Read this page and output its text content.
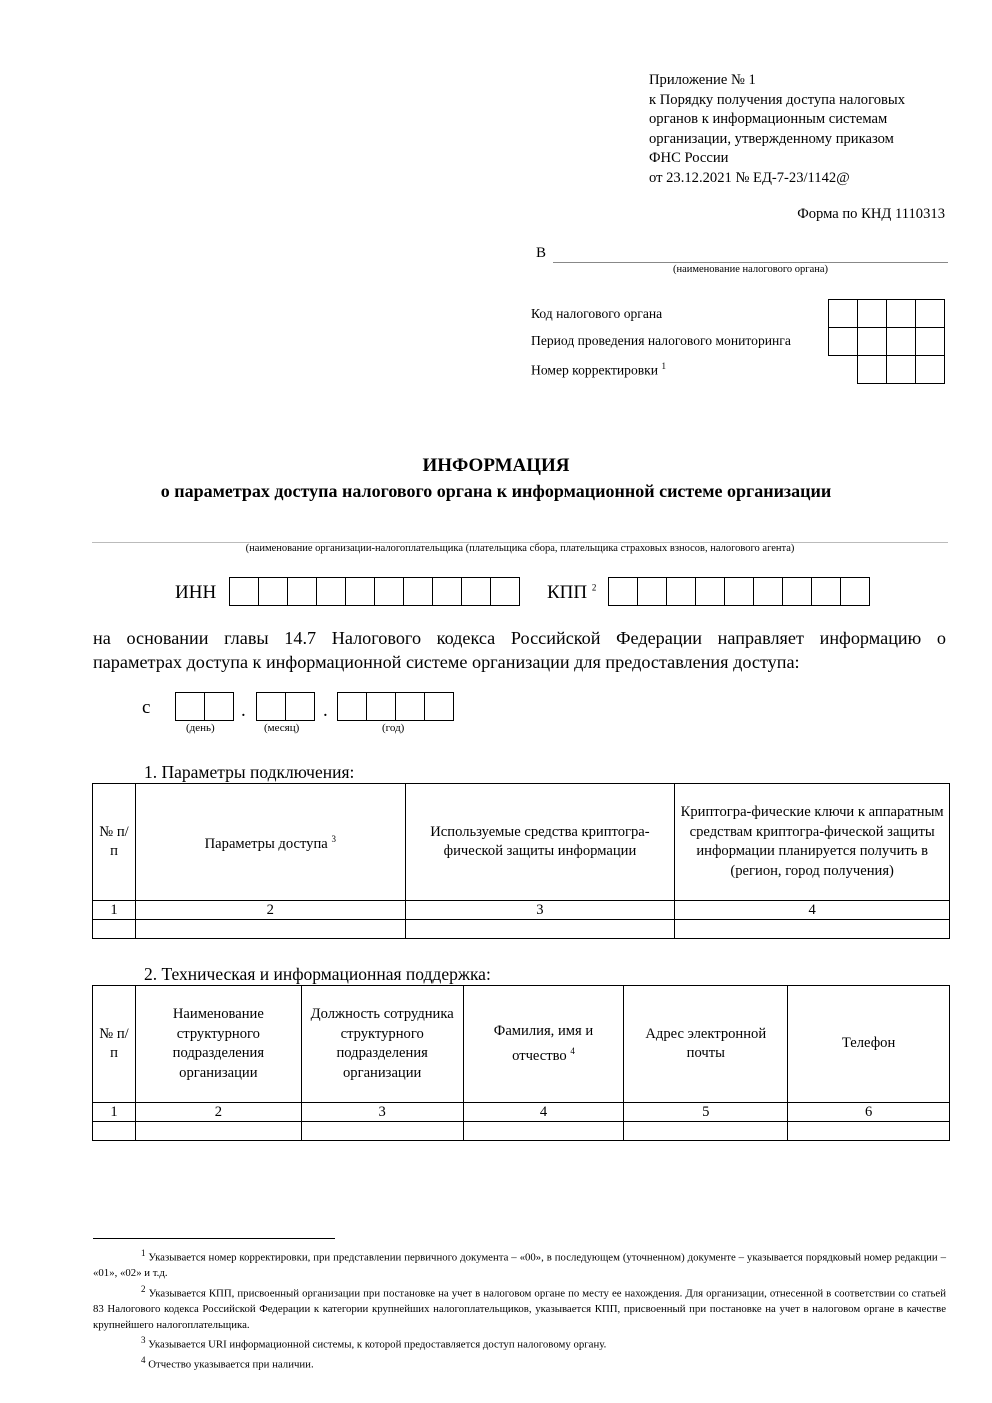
Приложение № 1
к Порядку получения доступа налоговых
органов к информационным системам
организации, утвержденному приказом
ФНС России
от 23.12.2021 № ЕД-7-23/1142@
Форма по КНД 1110313
В
(наименование налогового органа)
Код налогового органа
Период проведения налогового мониторинга
Номер корректировки $^1$
ИНФОРМАЦИЯ
о параметрах доступа налогового органа к информационной системе организации
(наименование организации-налогоплательщика (плательщика сбора, плательщика страховых взносов, налогового агента)
ИНН	КПП $^2$
на основании главы 14.7 Налогового кодекса Российской Федерации направляет информацию о
параметрах доступа к информационной системе организации для предоставления доступа:
с	.	.
(день)	(месяц)	(год)
1. Параметры подключения:
№ п/п	Параметры доступа $^3$	Используемые средства криптогра-фической защиты информации	Криптогра-фические ключи к аппаратным средствам криптогра-фической защиты информации планируется получить в (регион, город получения)
1	2	3	4

2. Техническая и информационная поддержка:
№ п/п	Наименование структурного подразделения организации	Должность сотрудника структурного подразделения организации	Фамилия, имя и отчество $^4$	Адрес электронной почты	Телефон
1	2	3	4	5	6

$^1$ Указывается номер корректировки, при представлении первичного документа – «00», в последующем (уточненном) документе – указывается порядковый номер редакции – «01», «02» и т.д.

$^2$ Указывается КПП, присвоенный организации при постановке на учет в налоговом органе по месту ее нахождения. Для организации, отнесенной в соответствии со статьей 83 Налогового кодекса Российской Федерации к категории крупнейших налогоплательщиков, указывается КПП, присвоенный при постановке на учет в налоговом органе в качестве крупнейшего налогоплательщика.

$^3$ Указывается URI информационной системы, к которой предоставляется доступ налоговому органу.

$^4$ Отчество указывается при наличии.
